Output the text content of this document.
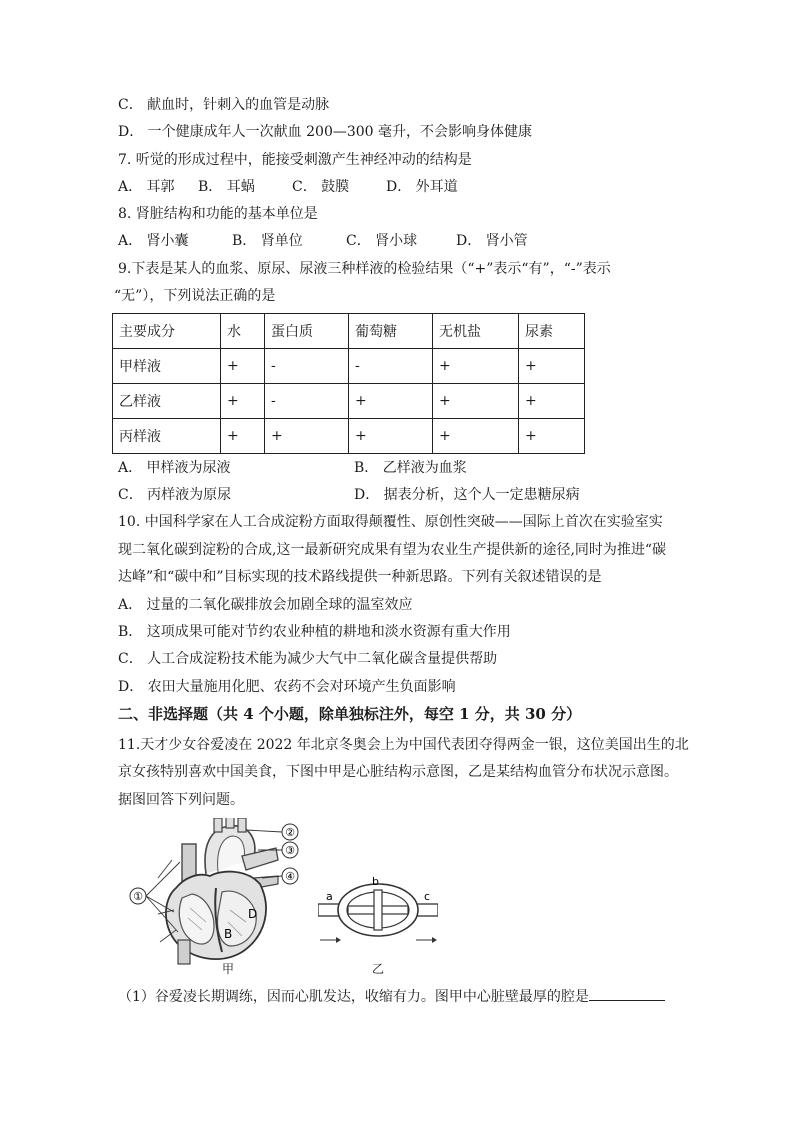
C． 献血时，针刺入的血管是动脉
D． 一个健康成年人一次献血 200—300 毫升，不会影响身体健康
7. 听觉的形成过程中，能接受刺激产生神经冲动的结构是
A． 耳郭 B． 耳蜗	C． 鼓膜	D． 外耳道
8. 肾脏结构和功能的基本单位是
A． 肾小囊	B． 肾单位	C． 肾小球	D． 肾小管
9.下表是某人的血浆、原尿、尿液三种样液的检验结果（“+”表示“有”，“-”表示
“无”），下列说法正确的是
主要成分	水	蛋白质	葡萄糖	无机盐	尿素
甲样液	+	-	-	+	+
乙样液	+	-	+	+	+
丙样液	+	+	+	+	+
A． 甲样液为尿液	B． 乙样液为血浆
C． 丙样液为原尿	D． 据表分析，这个人一定患糖尿病
10. 中国科学家在人工合成淀粉方面取得颠覆性、原创性突破——国际上首次在实验室实
现二氧化碳到淀粉的合成,这一最新研究成果有望为农业生产提供新的途径,同时为推进“碳
达峰”和“碳中和”目标实现的技术路线提供一种新思路。下列有关叙述错误的是
A． 过量的二氧化碳排放会加剧全球的温室效应
B． 这项成果可能对节约农业种植的耕地和淡水资源有重大作用
C． 人工合成淀粉技术能为减少大气中二氧化碳含量提供帮助
D． 农田大量施用化肥、农药不会对环境产生负面影响
二、非选择题（共 4 个小题，除单独标注外，每空 1 分，共 30 分）
11.天才少女谷爱凌在 2022 年北京冬奥会上为中国代表团夺得两金一银，这位美国出生的北
京女孩特别喜欢中国美食，下图中甲是心脏结构示意图，乙是某结构血管分布状况示意图。
据图回答下列问题。
①
②
③
④
B
D
甲
a
b
c
乙
（1）谷爱凌长期调练，因而心肌发达，收缩有力。图甲中心脏壁最厚的腔是
